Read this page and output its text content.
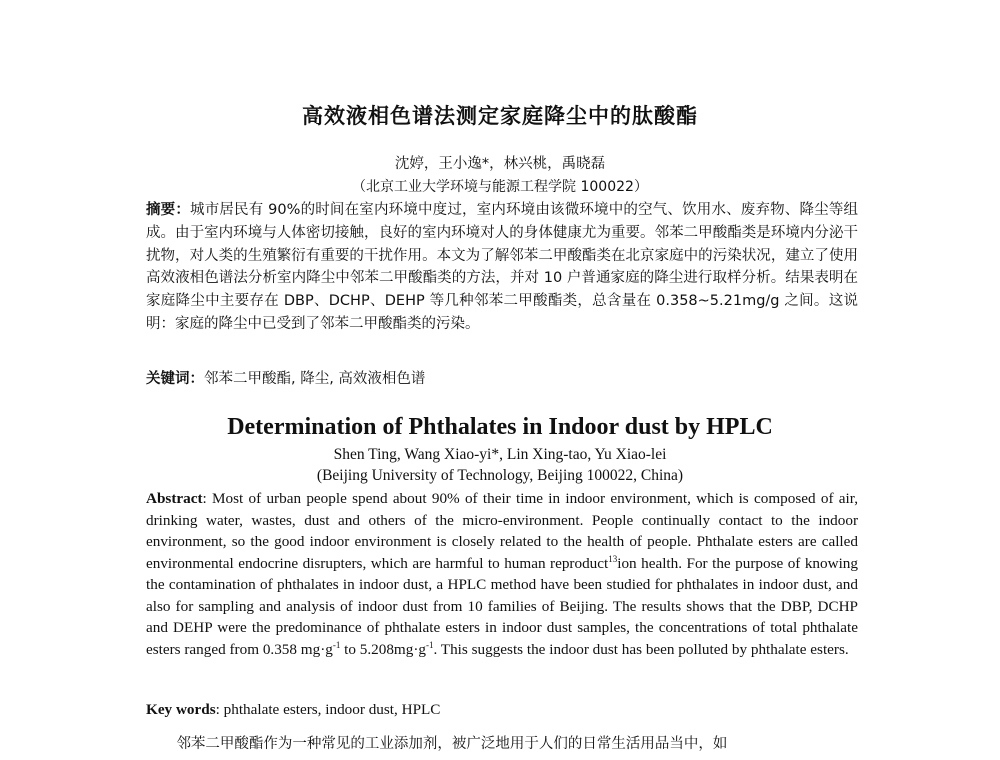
高效液相色谱法测定家庭降尘中的肽酸酯
沈婷，王小逸*，林兴桃，禹晓磊
（北京工业大学环境与能源工程学院 100022）
摘要：城市居民有 90%的时间在室内环境中度过，室内环境由该微环境中的空气、饮用水、废弃物、降尘等组成。由于室内环境与人体密切接触，良好的室内环境对人的身体健康尤为重要。邻苯二甲酸酯类是环境内分泌干扰物，对人类的生殖繁衍有重要的干扰作用。本文为了解邻苯二甲酸酯类在北京家庭中的污染状况，建立了使用高效液相色谱法分析室内降尘中邻苯二甲酸酯类的方法，并对 10 户普通家庭的降尘进行取样分析。结果表明在家庭降尘中主要存在 DBP、DCHP、DEHP 等几种邻苯二甲酸酯类，总含量在 0.358~5.21mg/g 之间。这说明：家庭的降尘中已受到了邻苯二甲酸酯类的污染。
关键词：邻苯二甲酸酯, 降尘, 高效液相色谱
Determination of Phthalates in Indoor dust by HPLC
Shen Ting, Wang Xiao-yi*, Lin Xing-tao, Yu Xiao-lei
(Beijing University of Technology, Beijing 100022, China)
Abstract: Most of urban people spend about 90% of their time in indoor environment, which is composed of air, drinking water, wastes, dust and others of the micro-environment. People continually contact to the indoor environment, so the good indoor environment is closely related to the health of people. Phthalate esters are called environmental endocrine disrupters, which are harmful to human reproduct$^{13}$ion health. For the purpose of knowing the contamination of phthalates in indoor dust, a HPLC method have been studied for phthalates in indoor dust, and also for sampling and analysis of indoor dust from 10 families of Beijing. The results shows that the DBP, DCHP and DEHP were the predominance of phthalate esters in indoor dust samples, the concentrations of total phthalate esters ranged from 0.358 $mg\cdot g^{-1}$ to $5.208mg\cdot g^{-1}$. This suggests the indoor dust has been polluted by phthalate esters.
Key words: phthalate esters, indoor dust, HPLC
邻苯二甲酸酯作为一种常见的工业添加剂，被广泛地用于人们的日常生活用品当中，如
